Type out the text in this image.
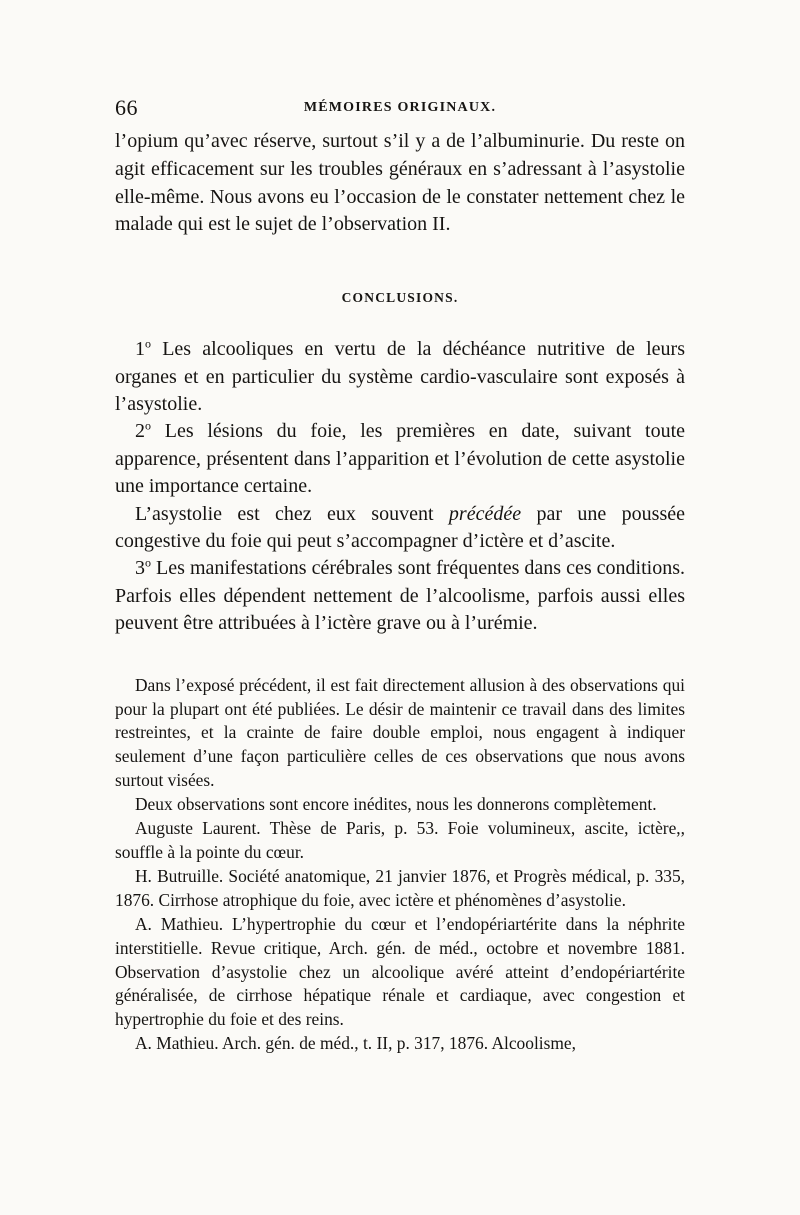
66	MÉMOIRES ORIGINAUX.

l’opium qu’avec réserve, surtout s’il y a de l’albuminurie. Du reste on agit efficacement sur les troubles généraux en s’adressant à l’asystolie elle-même. Nous avons eu l’occasion de le constater nettement chez le malade qui est le sujet de l’observation II.

CONCLUSIONS.

1$^o$ Les alcooliques en vertu de la déchéance nutritive de leurs organes et en particulier du système cardio-vasculaire sont exposés à l’asystolie.

2$^o$ Les lésions du foie, les premières en date, suivant toute apparence, présentent dans l’apparition et l’évolution de cette asystolie une importance certaine.

L’asystolie est chez eux souvent précédée par une poussée congestive du foie qui peut s’accompagner d’ictère et d’ascite.

3$^o$ Les manifestations cérébrales sont fréquentes dans ces conditions. Parfois elles dépendent nettement de l’alcoolisme, parfois aussi elles peuvent être attribuées à l’ictère grave ou à l’urémie.

Dans l’exposé précédent, il est fait directement allusion à des observations qui pour la plupart ont été publiées. Le désir de maintenir ce travail dans des limites restreintes, et la crainte de faire double emploi, nous engagent à indiquer seulement d’une façon particulière celles de ces observations que nous avons surtout visées.

Deux observations sont encore inédites, nous les donnerons complètement.

Auguste Laurent. Thèse de Paris, p. 53. Foie volumineux, ascite, ictère,, souffle à la pointe du cœur.

H. Butruille. Société anatomique, 21 janvier 1876, et Progrès médical, p. 335, 1876. Cirrhose atrophique du foie, avec ictère et phénomènes d’asystolie.

A. Mathieu. L’hypertrophie du cœur et l’endopériartérite dans la néphrite interstitielle. Revue critique, Arch. gén. de méd., octobre et novembre 1881. Observation d’asystolie chez un alcoolique avéré atteint d’endopériartérite généralisée, de cirrhose hépatique rénale et cardiaque, avec congestion et hypertrophie du foie et des reins.

A. Mathieu. Arch. gén. de méd., t. II, p. 317, 1876. Alcoolisme,
